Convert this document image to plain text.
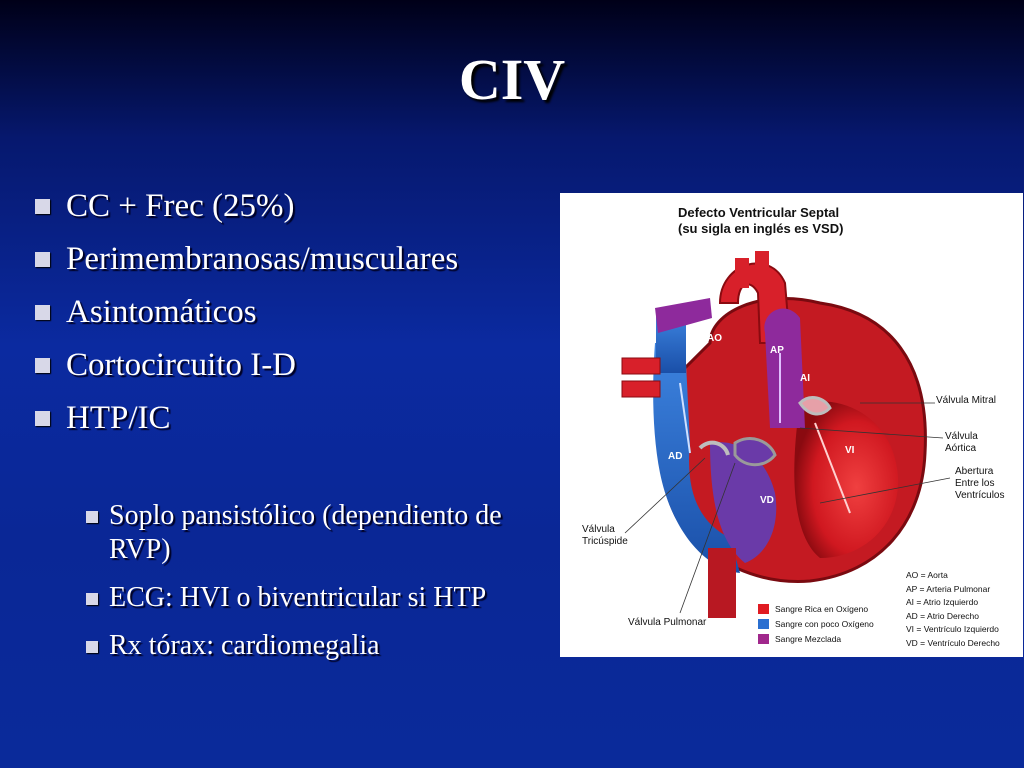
CIV
CC + Frec (25%)
Perimembranosas/musculares
Asintomáticos
Cortocircuito I-D
HTP/IC
Soplo pansistólico (dependiento de RVP)
ECG: HVI o biventricular si HTP
Rx tórax: cardiomegalia
Defecto Ventricular Septal
(su sigla en inglés es VSD)
AO
AP
AI
AD
VI
VD
Válvula Mitral
Válvula
Aórtica
Abertura
Entre los
Ventrículos
Válvula
Tricúspide
Válvula Pulmonar
AO = Aorta
AP = Arteria Pulmonar
AI = Atrio Izquierdo
AD = Atrio Derecho
VI = Ventrículo Izquierdo
VD = Ventrículo Derecho
Sangre Rica en Oxígeno
Sangre con poco Oxígeno
Sangre Mezclada
